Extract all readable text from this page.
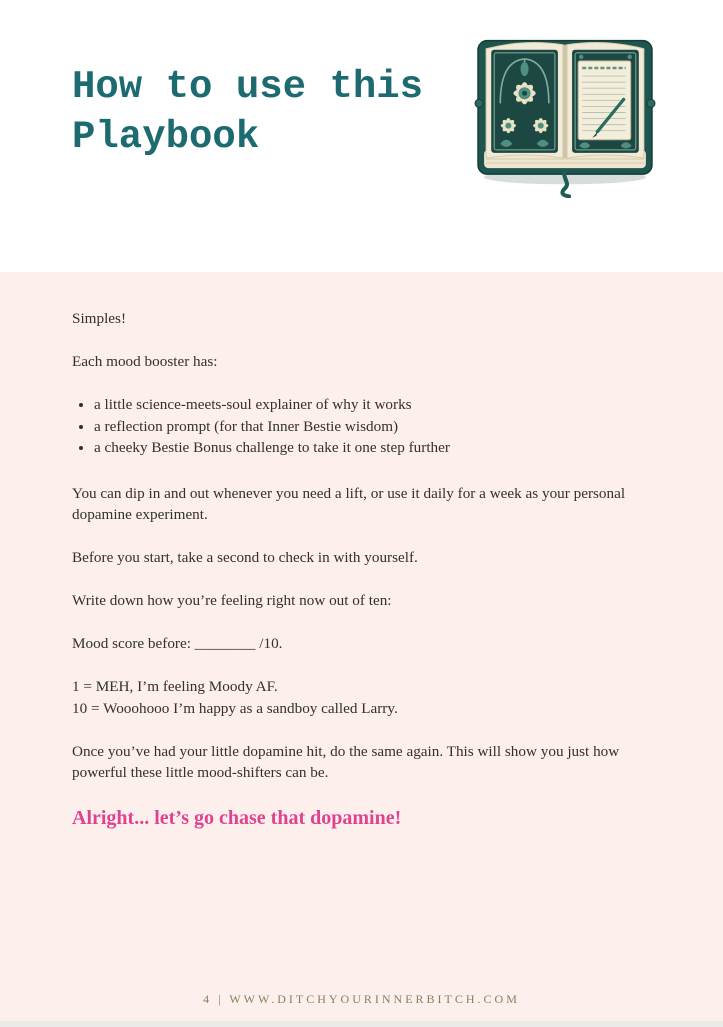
How to use this
Playbook

Simples!

Each mood booster has:

• a little science-meets-soul explainer of why it works
• a reflection prompt (for that Inner Bestie wisdom)
• a cheeky Bestie Bonus challenge to take it one step further

You can dip in and out whenever you need a lift, or use it daily for a week as your personal dopamine experiment.

Before you start, take a second to check in with yourself.

Write down how you’re feeling right now out of ten:

Mood score before: ________ /10.

1 = MEH, I’m feeling Moody AF.
10 = Wooohooo I’m happy as a sandboy called Larry.

Once you’ve had your little dopamine hit, do the same again. This will show you just how powerful these little mood-shifters can be.

Alright... let’s go chase that dopamine!
4 | WWW.DITCHYOURINNERBITCH.COM
